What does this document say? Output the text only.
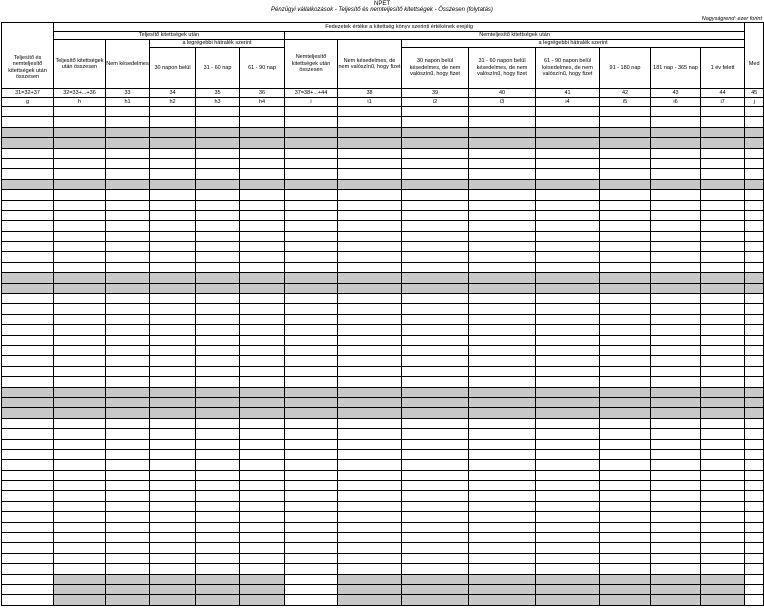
NPET
Pénzügyi vállalkozások - Teljesítő és nemteljesítő kitettségek - Összesen (folytatás)
Nagyságrend: ezer forint
	Fedezetek értéke a kitettség könyv szerinti értékének erejéig													
	Teljesítő kitettségek után					Nemteljesítő kitettségek után								
	Teljesítő kitettségek után összesen	Nem késedelmes	a legrégebbi hátralék szerint			Nemteljesítő kitettségek után összesen	Nem késedelmes, de nem valószínű, hogy fizet	a legrégebbi hátralék szerint						Med
Teljesítő és nemteljesítő kitettségek után összesen			30 napon belül	31 - 60 nap	61 - 90 nap			30 napon belül késedelmes, de nem valószínű, hogy fizet	31 - 60 napon belül késedelmes, de nem valószínű, hogy fizet	61 - 90 napon belül késedelmes, de nem valószínű, hogy fizet	91 - 180 nap	181 nap - 365 nap	1 év felett	
31=32+37	32=33+...+36	33	34	35	36	37=38+...+44	38	39	40	41	42	43	44	45
g	h	h1	h2	h3	h4	i	i1	i2	i3	i4	i5	i6	i7	j
